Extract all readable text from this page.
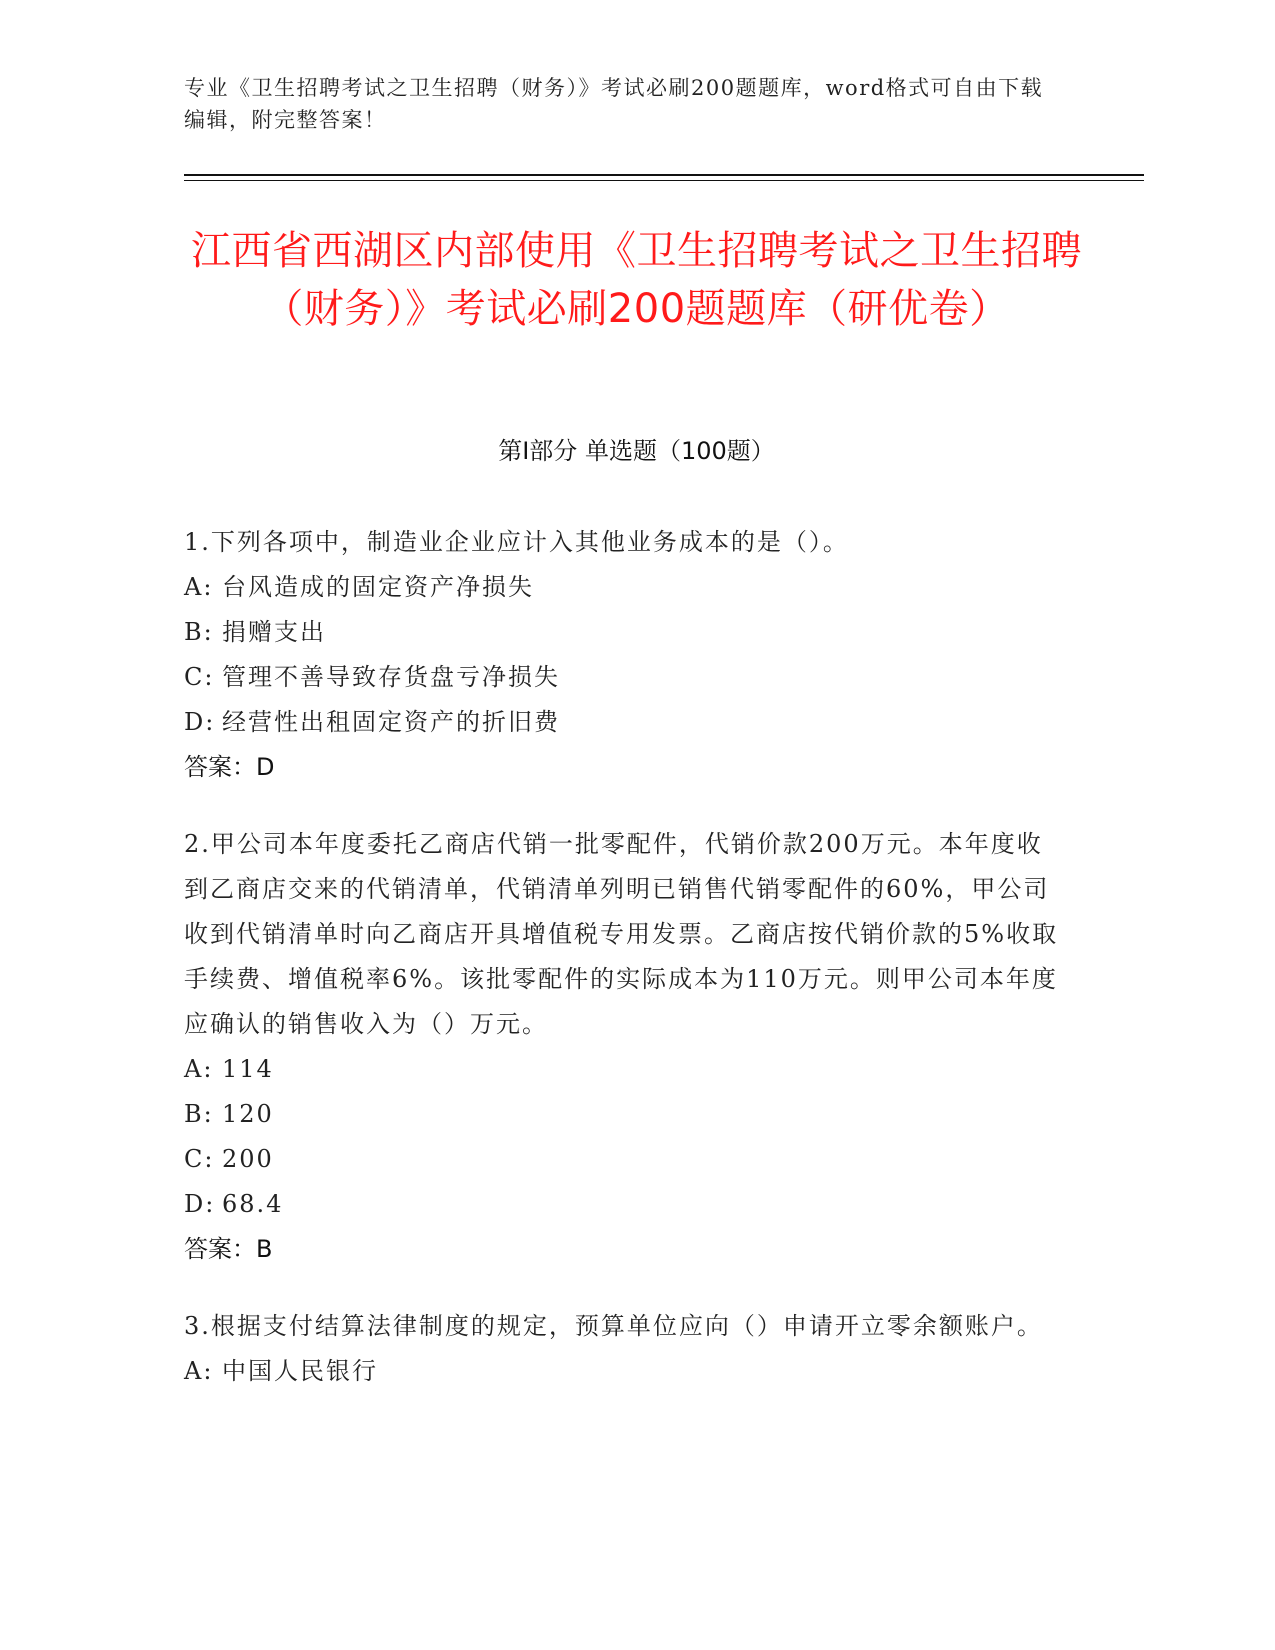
专业《卫生招聘考试之卫生招聘（财务）》考试必刷200题题库，word格式可自由下载编辑，附完整答案！
江西省西湖区内部使用《卫生招聘考试之卫生招聘（财务）》考试必刷200题题库（研优卷）
第Ⅰ部分 单选题（100题）

1.下列各项中，制造业企业应计入其他业务成本的是（）。

A: 台风造成的固定资产净损失

B: 捐赠支出

C: 管理不善导致存货盘亏净损失

D: 经营性出租固定资产的折旧费

答案：D

2.甲公司本年度委托乙商店代销一批零配件，代销价款200万元。本年度收到乙商店交来的代销清单，代销清单列明已销售代销零配件的60%，甲公司收到代销清单时向乙商店开具增值税专用发票。乙商店按代销价款的5%收取手续费、增值税率6%。该批零配件的实际成本为110万元。则甲公司本年度应确认的销售收入为（）万元。

A: 114

B: 120

C: 200

D: 68.4

答案：B

3.根据支付结算法律制度的规定，预算单位应向（）申请开立零余额账户。

A: 中国人民银行
